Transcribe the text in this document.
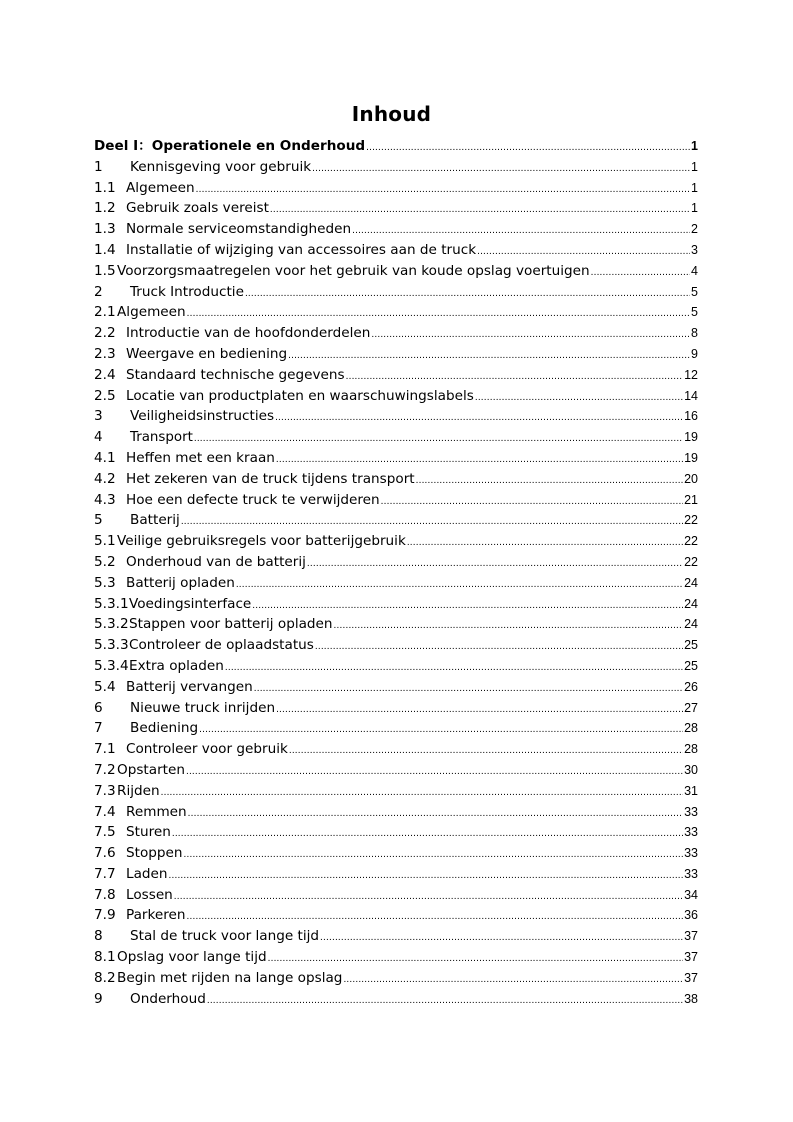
Inhoud
Deel Ⅰ： Operationele en Onderhoud .....	1
1	Kennisgeving voor gebruik .....	1
1.1 Algemeen .....	1
1.2 Gebruik zoals vereist .....	1
1.3 Normale serviceomstandigheden .....	2
1.4 Installatie of wijziging van accessoires aan de truck .....	3
1.5 Voorzorgsmaatregelen voor het gebruik van koude opslag voertuigen .....	4
2	Truck Introductie .....	5
2.1 Algemeen .....	5
2.2 Introductie van de hoofdonderdelen .....	8
2.3 Weergave en bediening .....	9
2.4 Standaard technische gegevens .....	12
2.5 Locatie van productplaten en waarschuwingslabels .....	14
3	Veiligheidsinstructies .....	16
4	Transport .....	19
4.1 Heffen met een kraan .....	19
4.2 Het zekeren van de truck tijdens transport .....	20
4.3 Hoe een defecte truck te verwijderen .....	21
5	Batterij .....	22
5.1 Veilige gebruiksregels voor batterijgebruik .....	22
5.2 Onderhoud van de batterij .....	22
5.3 Batterij opladen .....	24
5.3.1 Voedingsinterface .....	24
5.3.2 Stappen voor batterij opladen .....	24
5.3.3 Controleer de oplaadstatus .....	25
5.3.4 Extra opladen .....	25
5.4 Batterij vervangen .....	26
6	Nieuwe truck inrijden .....	27
7	Bediening .....	28
7.1 Controleer voor gebruik .....	28
7.2 Opstarten .....	30
7.3 Rijden .....	31
7.4 Remmen .....	33
7.5 Sturen .....	33
7.6 Stoppen .....	33
7.7 Laden .....	33
7.8 Lossen .....	34
7.9 Parkeren .....	36
8	Stal de truck voor lange tijd .....	37
8.1 Opslag voor lange tijd .....	37
8.2 Begin met rijden na lange opslag .....	37
9	Onderhoud .....	38
